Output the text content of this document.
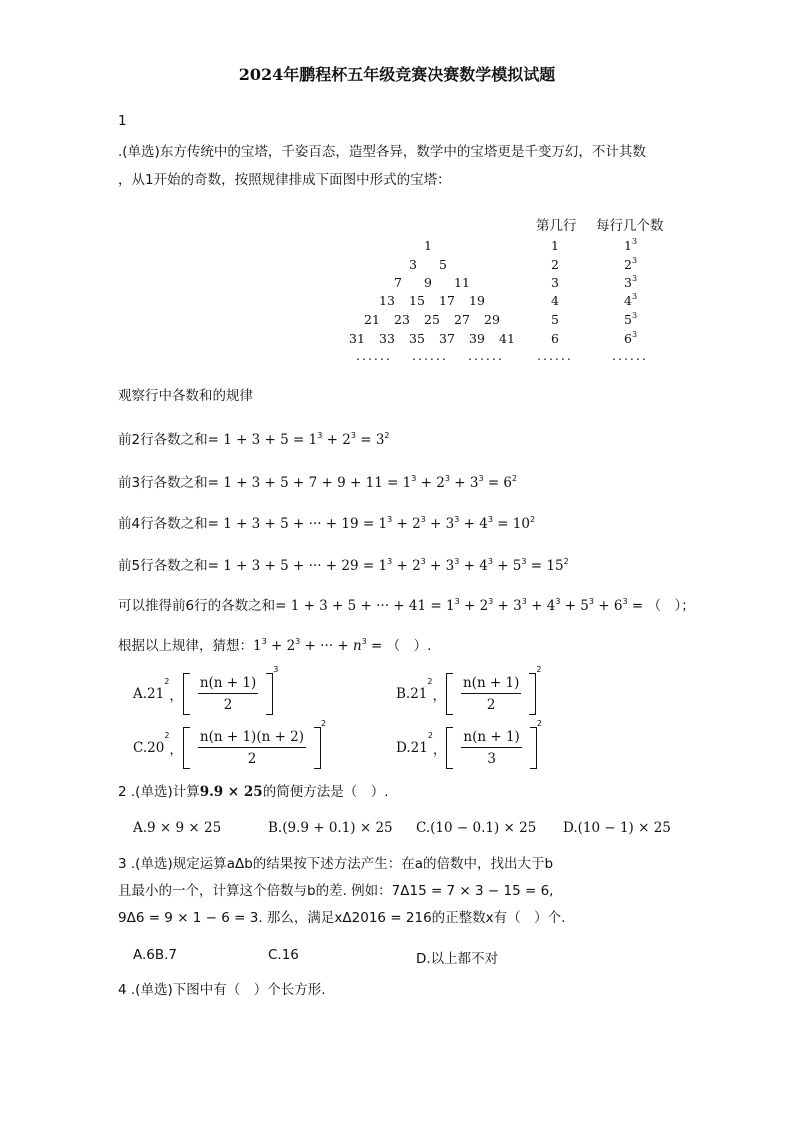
2024年鹏程杯五年级竞赛决赛数学模拟试题
1
.(单选)东方传统中的宝塔，千姿百态，造型各异，数学中的宝塔更是千变万幻，不计其数
，从1开始的奇数，按照规律排成下面图中形式的宝塔：
第几行 每行几个数
1	1	$1^3$
3 5	2	$2^3$
7 9 11	3	$3^3$
13 15 17 19	4	$4^3$
21 23 25 27 29	5	$5^3$
31 33 35 37 39 41	6	$6^3$
...... ...... ......	......	......
观察行中各数和的规律
前2行各数之和= $1 + 3 + 5 = 1^3 + 2^3 = 3^2$
前3行各数之和= $1 + 3 + 5 + 7 + 9 + 11 = 1^3 + 2^3 + 3^3 = 6^2$
前4行各数之和= 1 + 3 + 5 + ··· + $19 = 1^3 + 2^3 + 3^3 + 4^3 = 10^2$
前5行各数之和= 1 + 3 + 5 + ··· + $29 = 1^3 + 2^3 + 3^3 + 4^3 + 5^3 = 15^2$
可以推得前6行的各数之和= 1 + 3 + 5 + ··· + $41 = 1^3 + 2^3 + 3^3 + 4^3 + 5^3 + 6^3$ = （　）；
根据以上规律，猜想：$1^3 + 2^3$ + ··· + $n^3$ = （　）.
$A.21^2$， $\frac{n(n + 1)}{2}$
$^3$
$B.21^2$， $\frac{n(n + 1)}{2}$
$^2$
$C.20^2$， $\frac{n(n + 1)(n + 2)}{2}$
$^2$
$D.21^2$， $\frac{n(n + 1)}{3}$
$^2$
2 .(单选)计算9.9 × 25的简便方法是（　）.
A.9 × 9 × 25	B.(9.9 + 0.1) × 25 C.(10 − 0.1) × 25 D.(10 − 1) × 25
3 .(单选)规定运算aΔb的结果按下述方法产生：在a的倍数中，找出大于b
且最小的一个，计算这个倍数与b的差. 例如：7Δ15 = 7 × 3 − 15 = 6,
9Δ6 = 9 × 1 − 6 = 3. 那么，满足xΔ2016 = 216的正整数x有（　）个.
A.6B.7	C.16	D.以上都不对
4 .(单选)下图中有（　）个长方形.
